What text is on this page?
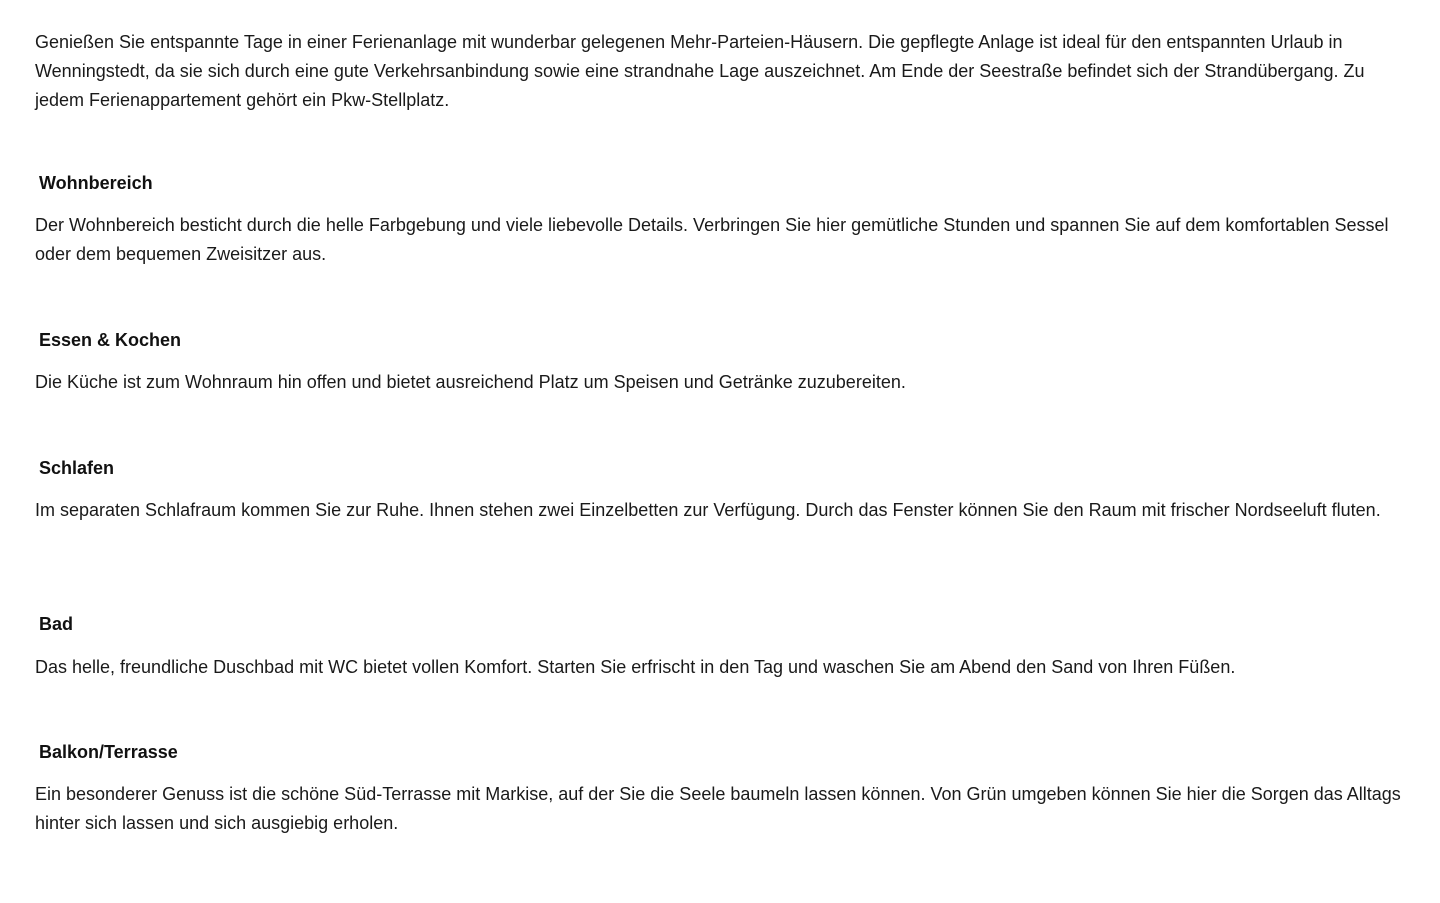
Genießen Sie entspannte Tage in einer Ferienanlage mit wunderbar gelegenen Mehr-Parteien-Häusern. Die gepflegte Anlage ist ideal für den entspannten Urlaub in Wenningstedt, da sie sich durch eine gute Verkehrsanbindung sowie eine strandnahe Lage auszeichnet. Am Ende der Seestraße befindet sich der Strandübergang. Zu jedem Ferienappartement gehört ein Pkw-Stellplatz.

Wohnbereich

Der Wohnbereich besticht durch die helle Farbgebung und viele liebevolle Details. Verbringen Sie hier gemütliche Stunden und spannen Sie auf dem komfortablen Sessel oder dem bequemen Zweisitzer aus.

Essen & Kochen

Die Küche ist zum Wohnraum hin offen und bietet ausreichend Platz um Speisen und Getränke zuzubereiten.

Schlafen

Im separaten Schlafraum kommen Sie zur Ruhe. Ihnen stehen zwei Einzelbetten zur Verfügung. Durch das Fenster können Sie den Raum mit frischer Nordseeluft fluten.

Bad

Das helle, freundliche Duschbad mit WC bietet vollen Komfort. Starten Sie erfrischt in den Tag und waschen Sie am Abend den Sand von Ihren Füßen.

Balkon/Terrasse

Ein besonderer Genuss ist die schöne Süd-Terrasse mit Markise, auf der Sie die Seele baumeln lassen können. Von Grün umgeben können Sie hier die Sorgen das Alltags hinter sich lassen und sich ausgiebig erholen.
